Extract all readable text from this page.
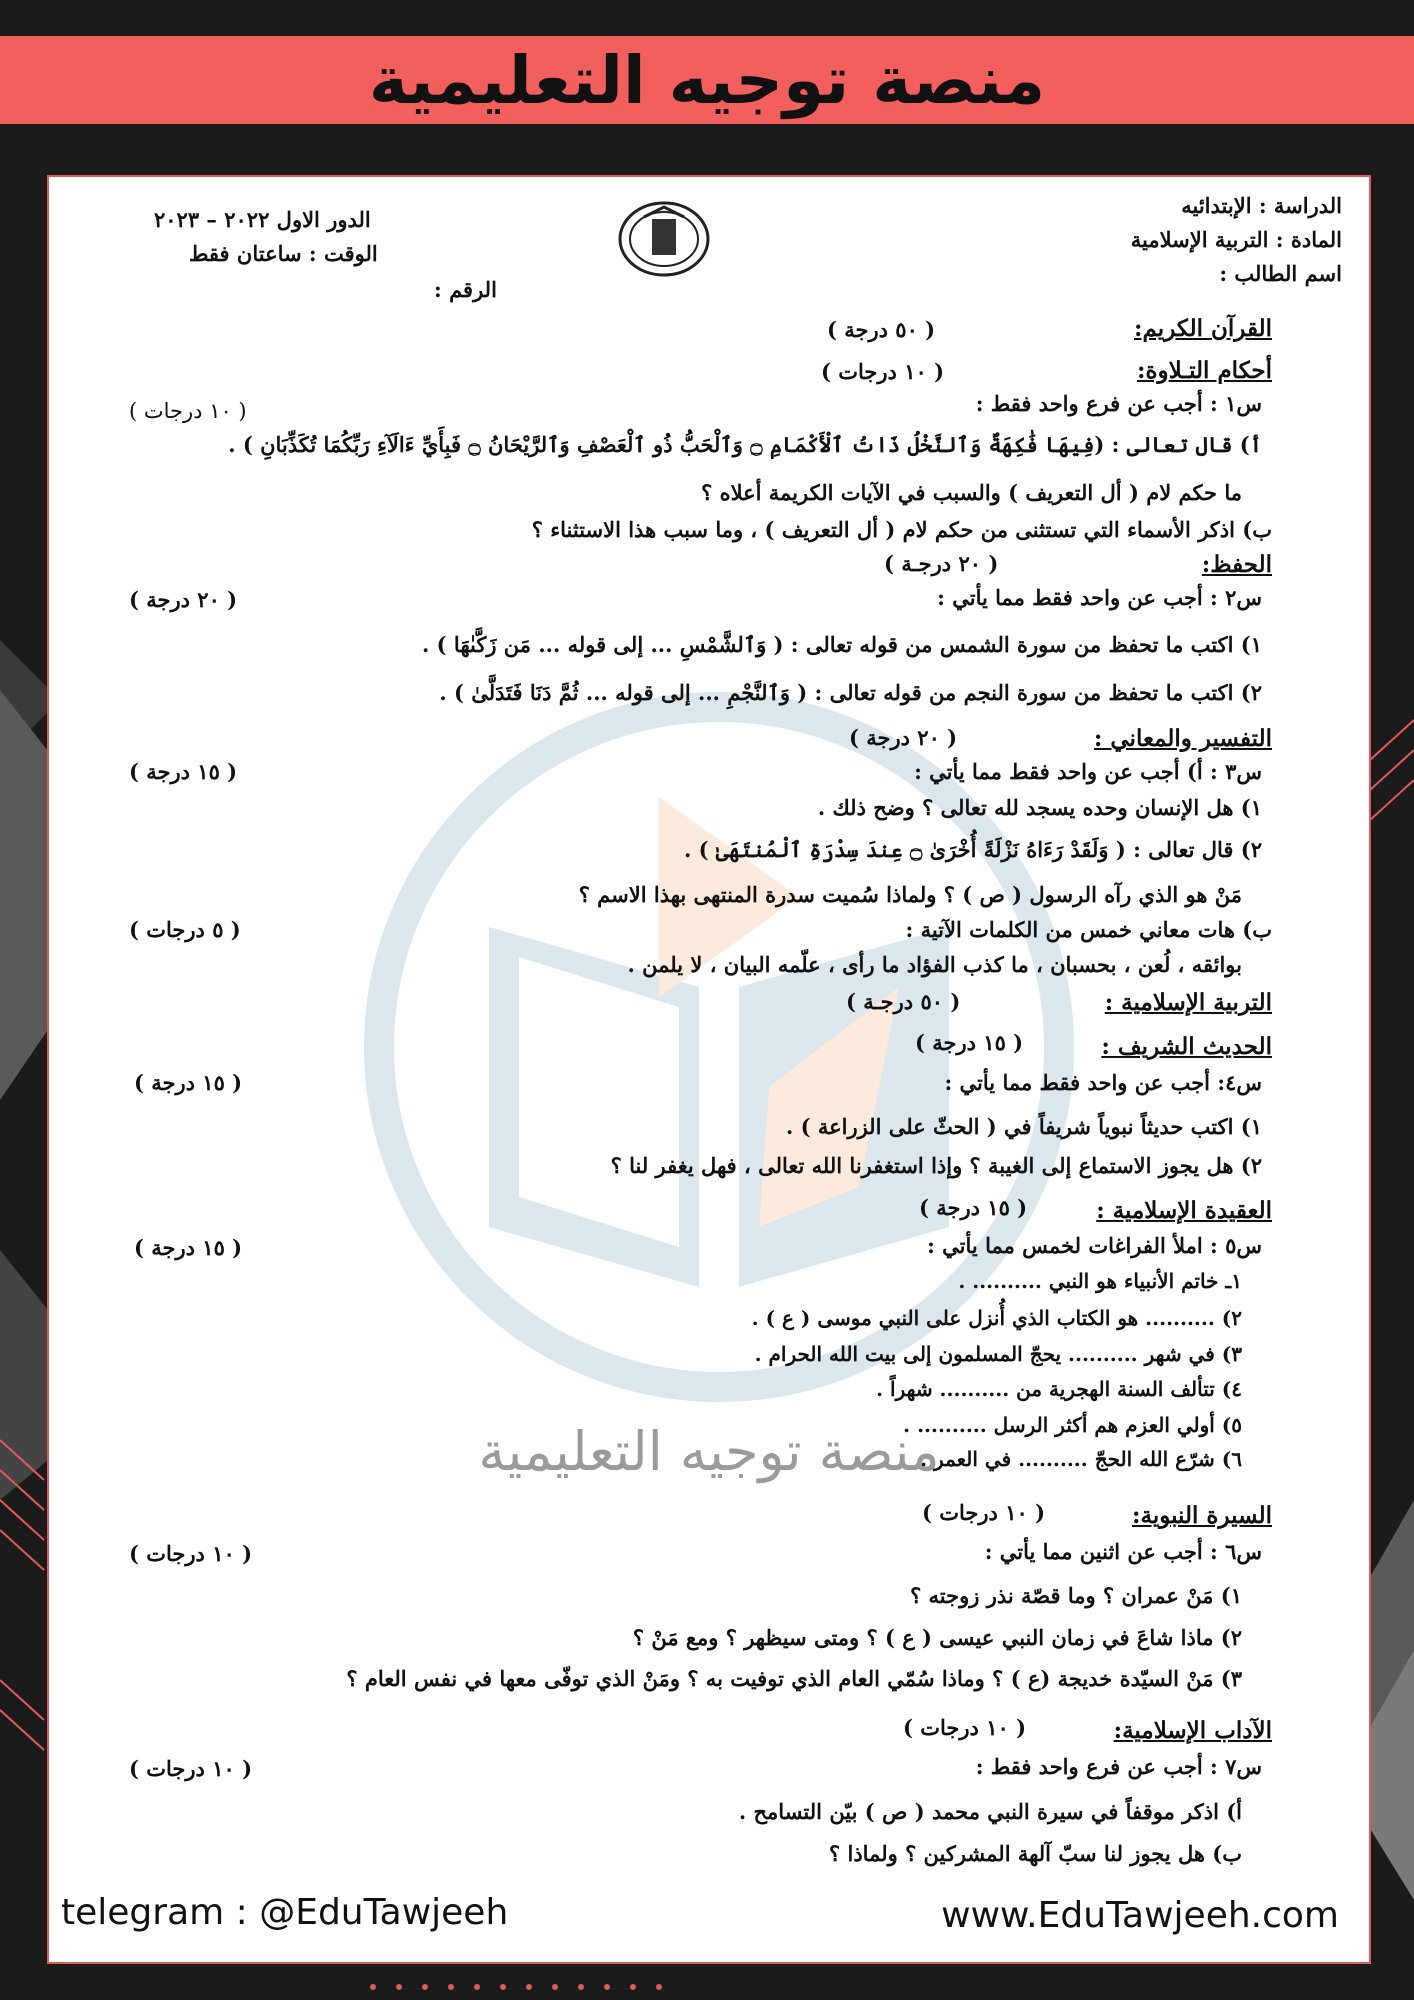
منصة توجيه التعليمية
منصة توجيه التعليمية
الدراسة : الإبتدائيه
المادة : التربية الإسلامية
اسم الطالب :
الدور الاول ٢٠٢٢ – ٢٠٢٣
الوقت : ساعتان فقط
الرقم :
القرآن الكريم:
( ٥٠ درجة )
أحكام التـلاوة:
( ١٠ درجات )
س١ : أجب عن فرع واحد فقط :
( ١٠ درجات )
أ) قال تعالى : (فِيهَا فَٰكِهَةٌ وَٱلنَّخْلُ ذَاتُ ٱلْأَكْمَامِ ۝ وَٱلْحَبُّ ذُو ٱلْعَصْفِ وَٱلرَّيْحَانُ ۝ فَبِأَيِّ ءَالَآءِ رَبِّكُمَا تُكَذِّبَانِ ) .
ما حكم لام ( أل التعريف ) والسبب في الآيات الكريمة أعلاه ؟
ب) اذكر الأسماء التي تستثنى من حكم لام ( أل التعريف ) ، وما سبب هذا الاستثناء ؟
الحفظ:
( ٢٠ درجـة )
س٢ : أجب عن واحد فقط مما يأتي :
( ٢٠ درجة )
١) اكتب ما تحفظ من سورة الشمس من قوله تعالى : ( وَٱلشَّمْسِ ... إلى قوله ... مَن زَكَّىٰهَا ) .
٢) اكتب ما تحفظ من سورة النجم من قوله تعالى : ( وَٱلنَّجْمِ ... إلى قوله ... ثُمَّ دَنَا فَتَدَلَّىٰ ) .
التفسير والمعاني :
( ٢٠ درجة )
س٣ : أ) أجب عن واحد فقط مما يأتي :
( ١٥ درجة )
١) هل الإنسان وحده يسجد لله تعالى ؟ وضح ذلك .
٢) قال تعالى : ( وَلَقَدْ رَءَاهُ نَزْلَةً أُخْرَىٰ ۝ عِندَ سِدْرَةِ ٱلْمُنتَهَىٰ ) .
مَنْ هو الذي رآه الرسول ( ص ) ؟ ولماذا سُميت سدرة المنتهى بهذا الاسم ؟
ب) هات معاني خمس من الكلمات الآتية :
( ٥ درجات )
بوائقه ، لُعن ، بحسبان ، ما كذب الفؤاد ما رأى ، علّمه البيان ، لا يلمن .
التربية الإسلامية :
( ٥٠ درجـة )
الحديث الشريف :
( ١٥ درجة )
س٤: أجب عن واحد فقط مما يأتي :
( ١٥ درجة )
١) اكتب حديثاً نبوياً شريفاً في ( الحثّ على الزراعة ) .
٢) هل يجوز الاستماع إلى الغيبة ؟ وإذا استغفرنا الله تعالى ، فهل يغفر لنا ؟
العقيدة الإسلامية :
( ١٥ درجة )
س٥ : املأ الفراغات لخمس مما يأتي :
( ١٥ درجة )
١ـ خاتم الأنبياء هو النبي .......... .
٢) .......... هو الكتاب الذي أُنزل على النبي موسى ( ع ) .
٣) في شهر .......... يحجّ المسلمون إلى بيت الله الحرام .
٤) تتألف السنة الهجرية من .......... شهراً .
٥) أولي العزم هم أكثر الرسل .......... .
٦) شرّع الله الحجّ .......... في العمر .
السيرة النبوية:
( ١٠ درجات )
س٦ : أجب عن اثنين مما يأتي :
( ١٠ درجات )
١) مَنْ عمران ؟ وما قصّة نذر زوجته ؟
٢) ماذا شاعَ في زمان النبي عيسى ( ع ) ؟ ومتى سيظهر ؟ ومع مَنْ ؟
٣) مَنْ السيّدة خديجة (ع ) ؟ وماذا سُمّي العام الذي توفيت به ؟ ومَنْ الذي توفّى معها في نفس العام ؟
الآداب الإسلامية:
( ١٠ درجات )
س٧ : أجب عن فرع واحد فقط :
( ١٠ درجات )
أ) اذكر موقفاً في سيرة النبي محمد ( ص ) بيّن التسامح .
ب) هل يجوز لنا سبّ آلهة المشركين ؟ ولماذا ؟
telegram : @EduTawjeeh	www.EduTawjeeh.com
